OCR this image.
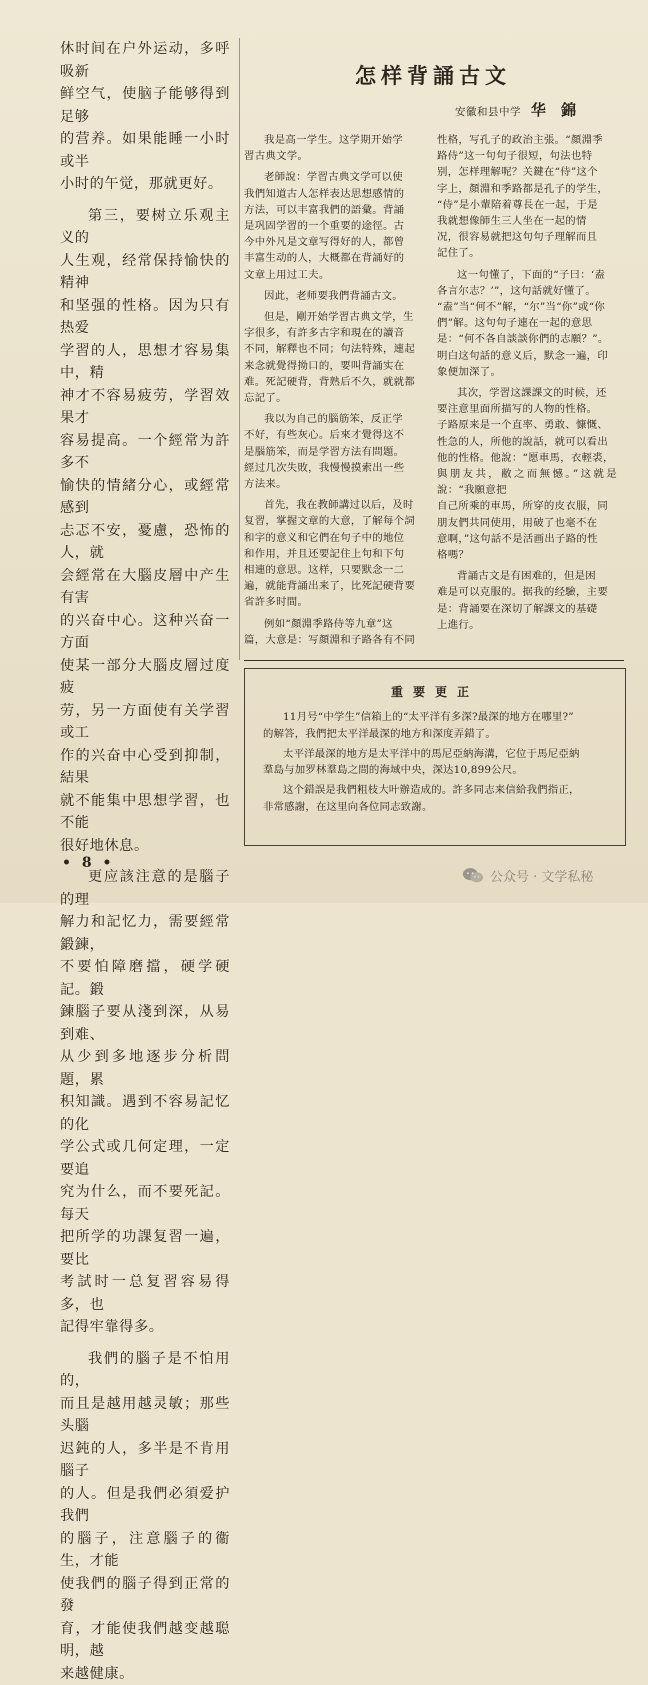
休时间在户外运动，多呼吸新
鲜空气，使脑子能够得到足够
的营养。如果能睡一小时或半
小时的午觉，那就更好。

第三，要树立乐观主义的
人生观，经常保持愉快的精神
和坚强的性格。因为只有热爱
学習的人，思想才容易集中，精
神才不容易疲劳，学習效果才
容易提高。一个經常为許多不
愉快的情緒分心，或經常感到
忐忑不安，憂慮，恐怖的人，就
会經常在大腦皮層中产生有害
的兴奋中心。这种兴奋一方面
使某一部分大腦皮層过度疲
劳，另一方面使有关学習或工
作的兴奋中心受到抑制，結果
就不能集中思想学習，也不能
很好地休息。

更应該注意的是腦子的理
解力和記忆力，需要經常鍛鍊，
不要怕障磨擋，硬学硬記。鍛
鍊腦子要从淺到深，从易到难、
从少到多地逐步分析問題，累
积知識。遇到不容易記忆的化
学公式或几何定理，一定要追
究为什么，而不要死記。每天
把所学的功課复習一遍，要比
考試时一总复習容易得多，也
記得牢靠得多。

我們的腦子是不怕用的，
而且是越用越灵敏；那些头腦
迟鈍的人，多半是不肯用腦子
的人。但是我們必須爱护我們
的腦子，注意腦子的衞生，才能
使我們的腦子得到正常的發
育，才能使我們越变越聪明，越
来越健康。

怎样背誦古文
安徽和县中学 华 錦

我是高一学生。这学期开始学
習古典文学。

老師說：学習古典文学可以使
我們知道古人怎样表达思想感情的
方法，可以丰富我們的語彙。背誦
是巩固学習的一个重要的途徑。古
今中外凡是文章写得好的人，都曾
丰富生动的人，大概都在背誦好的
文章上用过工夫。

因此，老师要我們背誦古文。

但是，剛开始学習古典文学，生
字很多，有許多古字和現在的讀音
不同，解釋也不同；句法特殊，連起
来念就覺得拗口的，要叫背誦实在
难。死記硬背，背熟后不久，就就都
忘記了。

我以为自己的腦筋笨，反正学
不好，有些灰心。后來才覺得这不
是腦筋笨，而是学習方法有問題。
經过几次失敗，我慢慢摸索出一些
方法来。

首先，我在教師講过以后，及时
复習，掌握文章的大意，了解每个詞
和字的意义和它們在句子中的地位
和作用，并且还要記住上句和下句
相連的意思。这样，只要默念一二
遍，就能背誦出来了，比死記硬背要
省許多时間。

例如“顏淵季路侍等九章”这
篇，大意是：写顏淵和子路各有不同

性格，写孔子的政治主張。“顏淵季
路侍”这一句句子很短，句法也特
别，怎样理解呢？关鍵在“侍”这个
字上，顏淵和季路都是孔子的学生，
“侍”是小輩陪着尊長在一起，于是
我就想像師生三人坐在一起的情
况，很容易就把这句句子理解而且
記住了。

这一句懂了，下面的“子曰：‘盍
各言尔志？’”，这句話就好懂了。
“盍”当“何不”解，“尔”当“你”或“你
們”解。这句句子連在一起的意思
是：“何不各自談談你們的志願？”。
明白这句話的意义后，默念一遍，印
象便加深了。

其次，学習这課課文的时候，还
要注意里面所描写的人物的性格。
子路原来是一个直率、勇敢、慷慨、
性急的人，所他的說話，就可以看出
他的性格。他說：“愿車馬，衣輕裘，
與朋友共，敝之而無憾。”这就是說：“我願意把
自己所乘的車馬，所穿的皮衣服，同
朋友們共同使用，用破了也毫不在
意啊，”这句話不是活画出子路的性
格嗎？

背誦古文是有困难的，但是困
难是可以克服的。据我的经驗，主要
是：背誦要在深切了解課文的基礎
上進行。

重要更正

11月号“中学生”信箱上的“太平洋有多深?最深的地方在哪里?”
的解答，我們把太平洋最深的地方和深度弄錯了。

太平洋最深的地方是太平洋中的馬尼亞納海溝，它位于馬尼亞納
羣島与加罗林羣島之間的海域中央，深达10,899公尺。

这个錯誤是我們粗枝大叶辦造成的。許多同志来信給我們指正，
非常感謝，在这里向各位同志致謝。

• 8 •
公众号 · 文学私秘
